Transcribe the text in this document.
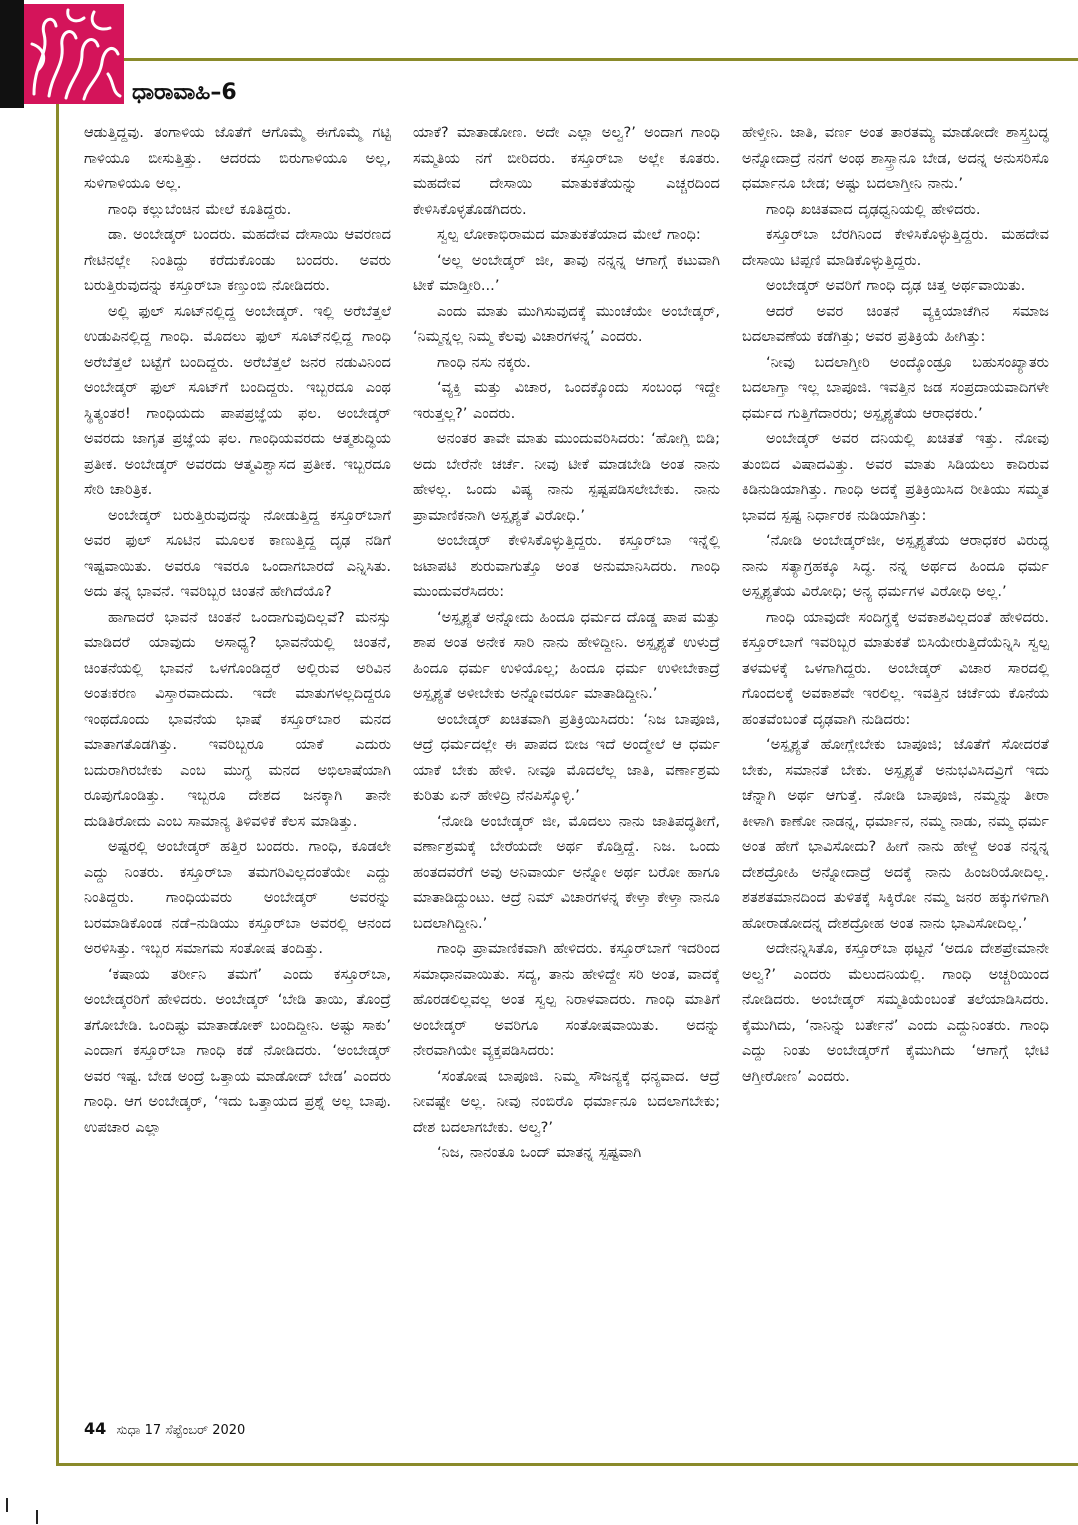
ಧಾರಾವಾಹಿ–6

ಆಡುತ್ತಿದ್ದವು. ತಂಗಾಳಿಯ ಜೊತೆಗೆ ಆಗೊಮ್ಮೆ ಈಗೊಮ್ಮೆ ಗಟ್ಟಿ ಗಾಳಿಯೂ ಬೀಸುತ್ತಿತ್ತು. ಆದರದು ಬಿರುಗಾಳಿಯೂ ಅಲ್ಲ, ಸುಳಿಗಾಳಿಯೂ ಅಲ್ಲ.

ಗಾಂಧಿ ಕಲ್ಲುಬೆಂಚಿನ ಮೇಲೆ ಕೂತಿದ್ದರು.

ಡಾ. ಅಂಬೇಡ್ಕರ್ ಬಂದರು. ಮಹದೇವ ದೇಸಾಯಿ ಆವರಣದ ಗೇಟಿನಲ್ಲೇ ನಿಂತಿದ್ದು ಕರೆದುಕೊಂಡು ಬಂದರು. ಅವರು ಬರುತ್ತಿರುವುದನ್ನು ಕಸ್ತೂರ್‌ಬಾ ಕಣ್ತುಂಬಿ ನೋಡಿದರು.

ಅಲ್ಲಿ ಫುಲ್ ಸೂಟ್‌ನಲ್ಲಿದ್ದ ಅಂಬೇಡ್ಕರ್. ಇಲ್ಲಿ ಅರೆಬೆತ್ತಲೆ ಉಡುಪಿನಲ್ಲಿದ್ದ ಗಾಂಧಿ. ಮೊದಲು ಫುಲ್ ಸೂಟ್‌ನಲ್ಲಿದ್ದ ಗಾಂಧಿ ಅರೆಬೆತ್ತಲೆ ಬಟ್ಟೆಗೆ ಬಂದಿದ್ದರು. ಅರೆಬೆತ್ತಲೆ ಜನರ ನಡುವಿನಿಂದ ಅಂಬೇಡ್ಕರ್ ಫುಲ್ ಸೂಟ್‌ಗೆ ಬಂದಿದ್ದರು. ಇಬ್ಬರದೂ ಎಂಥ ಸ್ಥಿತ್ಯಂತರ! ಗಾಂಧಿಯದು ಪಾಪಪ್ರಜ್ಞೆಯ ಫಲ. ಅಂಬೇಡ್ಕರ್ ಅವರದು ಜಾಗೃತ ಪ್ರಜ್ಞೆಯ ಫಲ. ಗಾಂಧಿಯವರದು ಆತ್ಮಶುದ್ಧಿಯ ಪ್ರತೀಕ. ಅಂಬೇಡ್ಕರ್ ಅವರದು ಆತ್ಮವಿಶ್ವಾಸದ ಪ್ರತೀಕ. ಇಬ್ಬರದೂ ಸೇರಿ ಚಾರಿತ್ರಿಕ.

ಅಂಬೇಡ್ಕರ್ ಬರುತ್ತಿರುವುದನ್ನು ನೋಡುತ್ತಿದ್ದ ಕಸ್ತೂರ್‌ಬಾಗೆ ಅವರ ಫುಲ್ ಸೂಟಿನ ಮೂಲಕ ಕಾಣುತ್ತಿದ್ದ ದೃಢ ನಡಿಗೆ ಇಷ್ಟವಾಯಿತು. ಅವರೂ ಇವರೂ ಒಂದಾಗಬಾರದೆ ಎನ್ನಿಸಿತು. ಅದು ತನ್ನ ಭಾವನೆ. ಇವರಿಬ್ಬರ ಚಿಂತನೆ ಹೇಗಿದೆಯೊ?

ಹಾಗಾದರೆ ಭಾವನೆ ಚಿಂತನೆ ಒಂದಾಗುವುದಿಲ್ಲವೆ? ಮನಸ್ಸು ಮಾಡಿದರೆ ಯಾವುದು ಅಸಾಧ್ಯ? ಭಾವನೆಯಲ್ಲಿ ಚಿಂತನೆ, ಚಿಂತನೆಯಲ್ಲಿ ಭಾವನೆ ಒಳಗೊಂಡಿದ್ದರೆ ಅಲ್ಲಿರುವ ಅರಿವಿನ ಅಂತಃಕರಣ ವಿಸ್ತಾರವಾದುದು. ಇದೇ ಮಾತುಗಳಲ್ಲದಿದ್ದರೂ ಇಂಥದೊಂದು ಭಾವನೆಯ ಭಾಷೆ ಕಸ್ತೂರ್‌ಬಾರ ಮನದ ಮಾತಾಗತೊಡಗಿತ್ತು. ಇವರಿಬ್ಬರೂ ಯಾಕೆ ಎದುರು ಬದುರಾಗಿರಬೇಕು ಎಂಬ ಮುಗ್ಧ ಮನದ ಅಭಿಲಾಷೆಯಾಗಿ ರೂಪುಗೊಂಡಿತ್ತು. ಇಬ್ಬರೂ ದೇಶದ ಜನಕ್ಕಾಗಿ ತಾನೇ ದುಡಿತಿರೋದು ಎಂಬ ಸಾಮಾನ್ಯ ತಿಳಿವಳಿಕೆ ಕೆಲಸ ಮಾಡಿತ್ತು.

ಅಷ್ಟರಲ್ಲಿ ಅಂಬೇಡ್ಕರ್ ಹತ್ತಿರ ಬಂದರು. ಗಾಂಧಿ, ಕೂಡಲೇ ಎದ್ದು ನಿಂತರು. ಕಸ್ತೂರ್‌ಬಾ ತಮಗರಿವಿಲ್ಲದಂತೆಯೇ ಎದ್ದು ನಿಂತಿದ್ದರು. ಗಾಂಧಿಯವರು ಅಂಬೇಡ್ಕರ್ ಅವರನ್ನು ಬರಮಾಡಿಕೊಂಡ ನಡೆ–ನುಡಿಯು ಕಸ್ತೂರ್‌ಬಾ ಅವರಲ್ಲಿ ಆನಂದ ಅರಳಿಸಿತ್ತು. ಇಬ್ಬರ ಸಮಾಗಮ ಸಂತೋಷ ತಂದಿತ್ತು.

‘ಕಷಾಯ ತರ್ರೀನಿ ತಮಗೆ’ ಎಂದು ಕಸ್ತೂರ್‌ಬಾ, ಅಂಬೇಡ್ಕರರಿಗೆ ಹೇಳಿದರು. ಅಂಬೇಡ್ಕರ್ ‘ಬೇಡಿ ತಾಯಿ, ತೊಂದ್ರೆ ತಗೋಬೇಡಿ. ಒಂದಿಷ್ಟು ಮಾತಾಡೋಕ್ ಬಂದಿದ್ದೀನಿ. ಅಷ್ಟು ಸಾಕು’ ಎಂದಾಗ ಕಸ್ತೂರ್‌ಬಾ ಗಾಂಧಿ ಕಡೆ ನೋಡಿದರು. ‘ಅಂಬೇಡ್ಕರ್ ಅವರ ಇಷ್ಟ. ಬೇಡ ಅಂದ್ರೆ ಒತ್ತಾಯ ಮಾಡೋದ್ ಬೇಡ’ ಎಂದರು ಗಾಂಧಿ. ಆಗ ಅಂಬೇಡ್ಕರ್, ‘ಇದು ಒತ್ತಾಯದ ಪ್ರಶ್ನೆ ಅಲ್ಲ ಬಾಪು. ಉಪಚಾರ ಎಲ್ಲಾ

ಯಾಕೆ? ಮಾತಾಡೋಣ. ಅದೇ ಎಲ್ಲಾ ಅಲ್ವ?’ ಅಂದಾಗ ಗಾಂಧಿ ಸಮ್ಮತಿಯ ನಗೆ ಬೀರಿದರು. ಕಸ್ತೂರ್‌ಬಾ ಅಲ್ಲೇ ಕೂತರು. ಮಹದೇವ ದೇಸಾಯಿ ಮಾತುಕತೆಯನ್ನು ಎಚ್ಚರದಿಂದ ಕೇಳಿಸಿಕೊಳ್ಳತೊಡಗಿದರು.

ಸ್ವಲ್ಪ ಲೋಕಾಭಿರಾಮದ ಮಾತುಕತೆಯಾದ ಮೇಲೆ ಗಾಂಧಿ:

‘ಅಲ್ಲ ಅಂಬೇಡ್ಕರ್ ಜೀ, ತಾವು ನನ್ನನ್ನ ಆಗಾಗ್ಗೆ ಕಟುವಾಗಿ ಟೀಕೆ ಮಾಡ್ತೀರಿ...’

ಎಂದು ಮಾತು ಮುಗಿಸುವುದಕ್ಕೆ ಮುಂಚೆಯೇ ಅಂಬೇಡ್ಕರ್, ‘ನಿಮ್ಮನ್ನಲ್ಲ ನಿಮ್ಮ ಕೆಲವು ವಿಚಾರಗಳನ್ನ’ ಎಂದರು.

ಗಾಂಧಿ ನಸು ನಕ್ಕರು.

‘ವ್ಯಕ್ತಿ ಮತ್ತು ವಿಚಾರ, ಒಂದಕ್ಕೊಂದು ಸಂಬಂಧ ಇದ್ದೇ ಇರುತ್ತಲ್ಲ?’ ಎಂದರು.

ಅನಂತರ ತಾವೇ ಮಾತು ಮುಂದುವರಿಸಿದರು: ‘ಹೋಗ್ಲಿ ಬಿಡಿ; ಅದು ಬೇರೆನೇ ಚರ್ಚೆ. ನೀವು ಟೀಕೆ ಮಾಡಬೇಡಿ ಅಂತ ನಾನು ಹೇಳಲ್ಲ. ಒಂದು ವಿಷ್ಯ ನಾನು ಸ್ಪಷ್ಟಪಡಿಸಲೇಬೇಕು. ನಾನು ಪ್ರಾಮಾಣಿಕನಾಗಿ ಅಸ್ಪೃಶ್ಯತೆ ವಿರೋಧಿ.’

ಅಂಬೇಡ್ಕರ್ ಕೇಳಿಸಿಕೊಳ್ಳುತ್ತಿದ್ದರು. ಕಸ್ತೂರ್‌ಬಾ ಇನ್ನೆಲ್ಲಿ ಜಟಾಪಟಿ ಶುರುವಾಗುತ್ತೊ ಅಂತ ಅನುಮಾನಿಸಿದರು. ಗಾಂಧಿ ಮುಂದುವರೆಸಿದರು:

‘ಅಸ್ಪೃಶ್ಯತೆ ಅನ್ನೋದು ಹಿಂದೂ ಧರ್ಮದ ದೊಡ್ಡ ಪಾಪ ಮತ್ತು ಶಾಪ ಅಂತ ಅನೇಕ ಸಾರಿ ನಾನು ಹೇಳಿದ್ದೀನಿ. ಅಸ್ಪೃಶ್ಯತೆ ಉಳುದ್ರೆ ಹಿಂದೂ ಧರ್ಮ ಉಳಿಯೊಲ್ಲ; ಹಿಂದೂ ಧರ್ಮ ಉಳೀಬೇಕಾದ್ರೆ ಅಸ್ಪೃಶ್ಯತೆ ಅಳೀಬೇಕು ಅನ್ನೋವರ್ರೂ ಮಾತಾಡಿದ್ದೀನಿ.’

ಅಂಬೇಡ್ಕರ್ ಖಚಿತವಾಗಿ ಪ್ರತಿಕ್ರಿಯಿಸಿದರು: ‘ನಿಜ ಬಾಪೂಜಿ, ಆದ್ರೆ ಧರ್ಮದಲ್ಲೇ ಈ ಪಾಪದ ಬೀಜ ಇದೆ ಅಂದ್ಮೇಲೆ ಆ ಧರ್ಮ ಯಾಕೆ ಬೇಕು ಹೇಳಿ. ನೀವೂ ಮೊದಲೆಲ್ಲ ಜಾತಿ, ವರ್ಣಾಶ್ರಮ ಕುರಿತು ಏನ್ ಹೇಳಿದ್ರಿ ನೆನಪಿಸ್ಕೊಳ್ಳಿ.’

‘ನೋಡಿ ಅಂಬೇಡ್ಕರ್ ಜೀ, ಮೊದಲು ನಾನು ಜಾತಿಪದ್ಧತೀಗೆ, ವರ್ಣಾಶ್ರಮಕ್ಕೆ ಬೇರೆಯದೇ ಅರ್ಥ ಕೊಡ್ತಿದ್ದೆ. ನಿಜ. ಒಂದು ಹಂತದವರೆಗೆ ಅವು ಅನಿವಾರ್ಯ ಅನ್ನೋ ಅರ್ಥ ಬರೋ ಹಾಗೂ ಮಾತಾಡಿದ್ದುಂಟು. ಆದ್ರೆ ನಿಮ್ ವಿಚಾರಗಳನ್ನ ಕೇಳ್ತಾ ಕೇಳ್ತಾ ನಾನೂ ಬದಲಾಗಿದ್ದೀನಿ.’

ಗಾಂಧಿ ಪ್ರಾಮಾಣಿಕವಾಗಿ ಹೇಳಿದರು. ಕಸ್ತೂರ್‌ಬಾಗೆ ಇದರಿಂದ ಸಮಾಧಾನವಾಯಿತು. ಸದ್ಯ, ತಾನು ಹೇಳಿದ್ದೇ ಸರಿ ಅಂತ, ವಾದಕ್ಕೆ ಹೊರಡಲಿಲ್ಲವಲ್ಲ ಅಂತ ಸ್ವಲ್ಪ ನಿರಾಳವಾದರು. ಗಾಂಧಿ ಮಾತಿಗೆ ಅಂಬೇಡ್ಕರ್ ಅವರಿಗೂ ಸಂತೋಷವಾಯಿತು. ಅದನ್ನು ನೇರವಾಗಿಯೇ ವ್ಯಕ್ತಪಡಿಸಿದರು:

‘ಸಂತೋಷ ಬಾಪೂಜಿ. ನಿಮ್ಮ ಸೌಜನ್ಯಕ್ಕೆ ಧನ್ಯವಾದ. ಆದ್ರೆ ನೀವಷ್ಟೇ ಅಲ್ಲ. ನೀವು ನಂಬಿರೊ ಧರ್ಮಾನೂ ಬದಲಾಗಬೇಕು; ದೇಶ ಬದಲಾಗಬೇಕು. ಅಲ್ವ?’

‘ನಿಜ, ನಾನಂತೂ ಒಂದ್ ಮಾತನ್ನ ಸ್ಪಷ್ಟವಾಗಿ

ಹೇಳ್ತೀನಿ. ಜಾತಿ, ವರ್ಣ ಅಂತ ತಾರತಮ್ಯ ಮಾಡೋದೇ ಶಾಸ್ತ್ರಬದ್ಧ ಅನ್ನೋದಾದ್ರೆ ನನಗೆ ಅಂಥ ಶಾಸ್ತ್ರಾನೂ ಬೇಡ, ಅದನ್ನ ಅನುಸರಿಸೊ ಧರ್ಮಾನೂ ಬೇಡ; ಅಷ್ಟು ಬದಲಾಗ್ತೀನಿ ನಾನು.’

ಗಾಂಧಿ ಖಚಿತವಾದ ದೃಢಧ್ವನಿಯಲ್ಲಿ ಹೇಳಿದರು.

ಕಸ್ತೂರ್‌ಬಾ ಬೆರಗಿನಿಂದ ಕೇಳಿಸಿಕೊಳ್ಳುತ್ತಿದ್ದರು. ಮಹದೇವ ದೇಸಾಯಿ ಟಿಪ್ಪಣಿ ಮಾಡಿಕೊಳ್ಳುತ್ತಿದ್ದರು.

ಅಂಬೇಡ್ಕರ್ ಅವರಿಗೆ ಗಾಂಧಿ ದೃಢ ಚಿತ್ತ ಅರ್ಥವಾಯಿತು.

ಆದರೆ ಅವರ ಚಿಂತನೆ ವ್ಯಕ್ತಿಯಾಚೆಗಿನ ಸಮಾಜ ಬದಲಾವಣೆಯ ಕಡೆಗಿತ್ತು; ಅವರ ಪ್ರತಿಕ್ರಿಯೆ ಹೀಗಿತ್ತು:

‘ನೀವು ಬದಲಾಗ್ತೀರಿ ಅಂದ್ಕೊಂಡ್ರೂ ಬಹುಸಂಖ್ಯಾತರು ಬದಲಾಗ್ತಾ ಇಲ್ಲ ಬಾಪೂಜಿ. ಇವತ್ತಿನ ಜಡ ಸಂಪ್ರದಾಯವಾದಿಗಳೇ ಧರ್ಮದ ಗುತ್ತಿಗೆದಾರರು; ಅಸ್ಪೃಶ್ಯತೆಯ ಆರಾಧಕರು.’

ಅಂಬೇಡ್ಕರ್ ಅವರ ದನಿಯಲ್ಲಿ ಖಚಿತತೆ ಇತ್ತು. ನೋವು ತುಂಬಿದ ವಿಷಾದವಿತ್ತು. ಅವರ ಮಾತು ಸಿಡಿಯಲು ಕಾದಿರುವ ಕಿಡಿನುಡಿಯಾಗಿತ್ತು. ಗಾಂಧಿ ಅದಕ್ಕೆ ಪ್ರತಿಕ್ರಿಯಿಸಿದ ರೀತಿಯು ಸಮ್ಮತ ಭಾವದ ಸ್ಪಷ್ಟ ನಿರ್ಧಾರಕ ನುಡಿಯಾಗಿತ್ತು:

‘ನೋಡಿ ಅಂಬೇಡ್ಕರ್‌ಜೀ, ಅಸ್ಪೃಶ್ಯತೆಯ ಆರಾಧಕರ ವಿರುದ್ಧ ನಾನು ಸತ್ಯಾಗ್ರಹಕ್ಕೂ ಸಿದ್ಧ. ನನ್ನ ಅರ್ಥದ ಹಿಂದೂ ಧರ್ಮ ಅಸ್ಪೃಶ್ಯತೆಯ ವಿರೋಧಿ; ಅನ್ಯ ಧರ್ಮಗಳ ವಿರೋಧಿ ಅಲ್ಲ.’

ಗಾಂಧಿ ಯಾವುದೇ ಸಂದಿಗ್ಧಕ್ಕೆ ಅವಕಾಶವಿಲ್ಲದಂತೆ ಹೇಳಿದರು. ಕಸ್ತೂರ್‌ಬಾಗೆ ಇವರಿಬ್ಬರ ಮಾತುಕತೆ ಬಿಸಿಯೇರುತ್ತಿದೆಯೆನ್ನಿಸಿ ಸ್ವಲ್ಪ ತಳಮಳಕ್ಕೆ ಒಳಗಾಗಿದ್ದರು. ಅಂಬೇಡ್ಕರ್ ವಿಚಾರ ಸಾರದಲ್ಲಿ ಗೊಂದಲಕ್ಕೆ ಅವಕಾಶವೇ ಇರಲಿಲ್ಲ. ಇವತ್ತಿನ ಚರ್ಚೆಯ ಕೊನೆಯ ಹಂತವೆಂಬಂತೆ ದೃಢವಾಗಿ ನುಡಿದರು:

‘ಅಸ್ಪೃಶ್ಯತೆ ಹೋಗ್ಲೇಬೇಕು ಬಾಪೂಜಿ; ಜೊತೆಗೆ ಸೋದರತೆ ಬೇಕು, ಸಮಾನತೆ ಬೇಕು. ಅಸ್ಪೃಶ್ಯತೆ ಅನುಭವಿಸಿದವ್ರಿಗೆ ಇದು ಚೆನ್ನಾಗಿ ಅರ್ಥ ಆಗುತ್ತೆ. ನೋಡಿ ಬಾಪೂಜಿ, ನಮ್ಮನ್ನು ತೀರಾ ಕೀಳಾಗಿ ಕಾಣೋ ನಾಡನ್ನ, ಧರ್ಮಾನ, ನಮ್ಮ ನಾಡು, ನಮ್ಮ ಧರ್ಮ ಅಂತ ಹೇಗೆ ಭಾವಿಸೋದು? ಹೀಗೆ ನಾನು ಹೇಳ್ದೆ ಅಂತ ನನ್ನನ್ನ ದೇಶದ್ರೋಹಿ ಅನ್ನೋದಾದ್ರೆ ಅದಕ್ಕೆ ನಾನು ಹಿಂಜರಿಯೋದಿಲ್ಲ. ಶತಶತಮಾನದಿಂದ ತುಳಿತಕ್ಕೆ ಸಿಕ್ಕಿರೋ ನಮ್ಮ ಜನರ ಹಕ್ಕುಗಳಿಗಾಗಿ ಹೋರಾಡೋದನ್ನ ದೇಶದ್ರೋಹ ಅಂತ ನಾನು ಭಾವಿಸೋದಿಲ್ಲ.’

ಅದೇನನ್ನಿಸಿತೊ, ಕಸ್ತೂರ್‌ಬಾ ಥಟ್ಟನೆ ‘ಅದೂ ದೇಶಪ್ರೇಮಾನೇ ಅಲ್ವ?’ ಎಂದರು ಮೆಲುದನಿಯಲ್ಲಿ. ಗಾಂಧಿ ಅಚ್ಚರಿಯಿಂದ ನೋಡಿದರು. ಅಂಬೇಡ್ಕರ್ ಸಮ್ಮತಿಯೆಂಬಂತೆ ತಲೆಯಾಡಿಸಿದರು. ಕೈಮುಗಿದು, ‘ನಾನಿನ್ನು ಬರ್ತೇನೆ’ ಎಂದು ಎದ್ದುನಿಂತರು. ಗಾಂಧಿ ಎದ್ದು ನಿಂತು ಅಂಬೇಡ್ಕರ್‌ಗೆ ಕೈಮುಗಿದು ‘ಆಗಾಗ್ಗೆ ಭೇಟಿ ಆಗ್ತೀರೋಣ’ ಎಂದರು.

44 ಸುಧಾ 17 ಸೆಪ್ಟೆಂಬರ್ 2020
